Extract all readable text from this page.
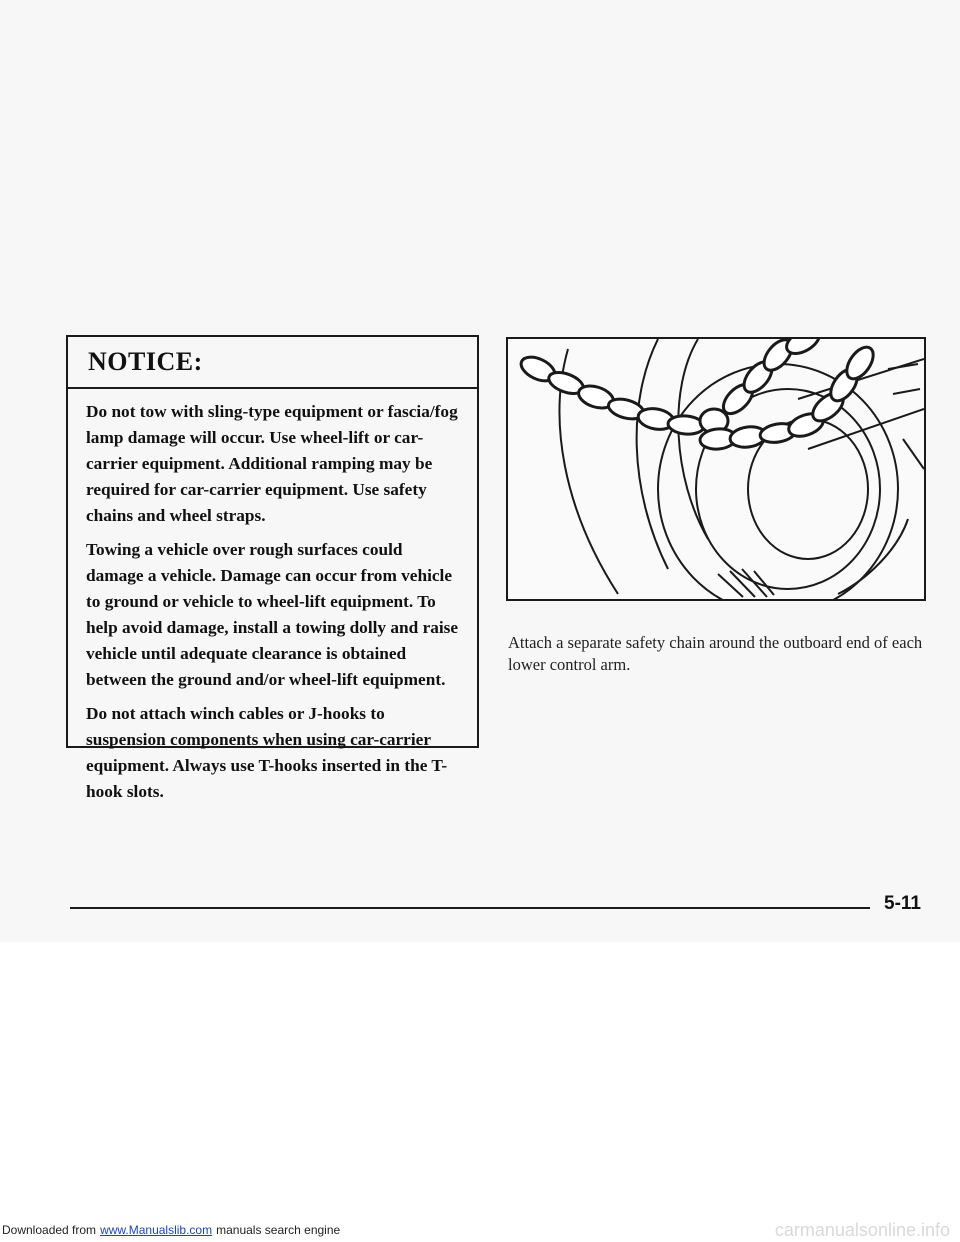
NOTICE:

Do not tow with sling-type equipment or fascia/fog lamp damage will occur. Use wheel-lift or car-carrier equipment. Additional ramping may be required for car-carrier equipment. Use safety chains and wheel straps.

Towing a vehicle over rough surfaces could damage a vehicle. Damage can occur from vehicle to ground or vehicle to wheel-lift equipment. To help avoid damage, install a towing dolly and raise vehicle until adequate clearance is obtained between the ground and/or wheel-lift equipment.

Do not attach winch cables or J-hooks to suspension components when using car-carrier equipment. Always use T-hooks inserted in the T-hook slots.

Attach a separate safety chain around the outboard end of each lower control arm.
5-11
Downloaded from www.Manualslib.com manuals search engine	carmanualsonline.info
